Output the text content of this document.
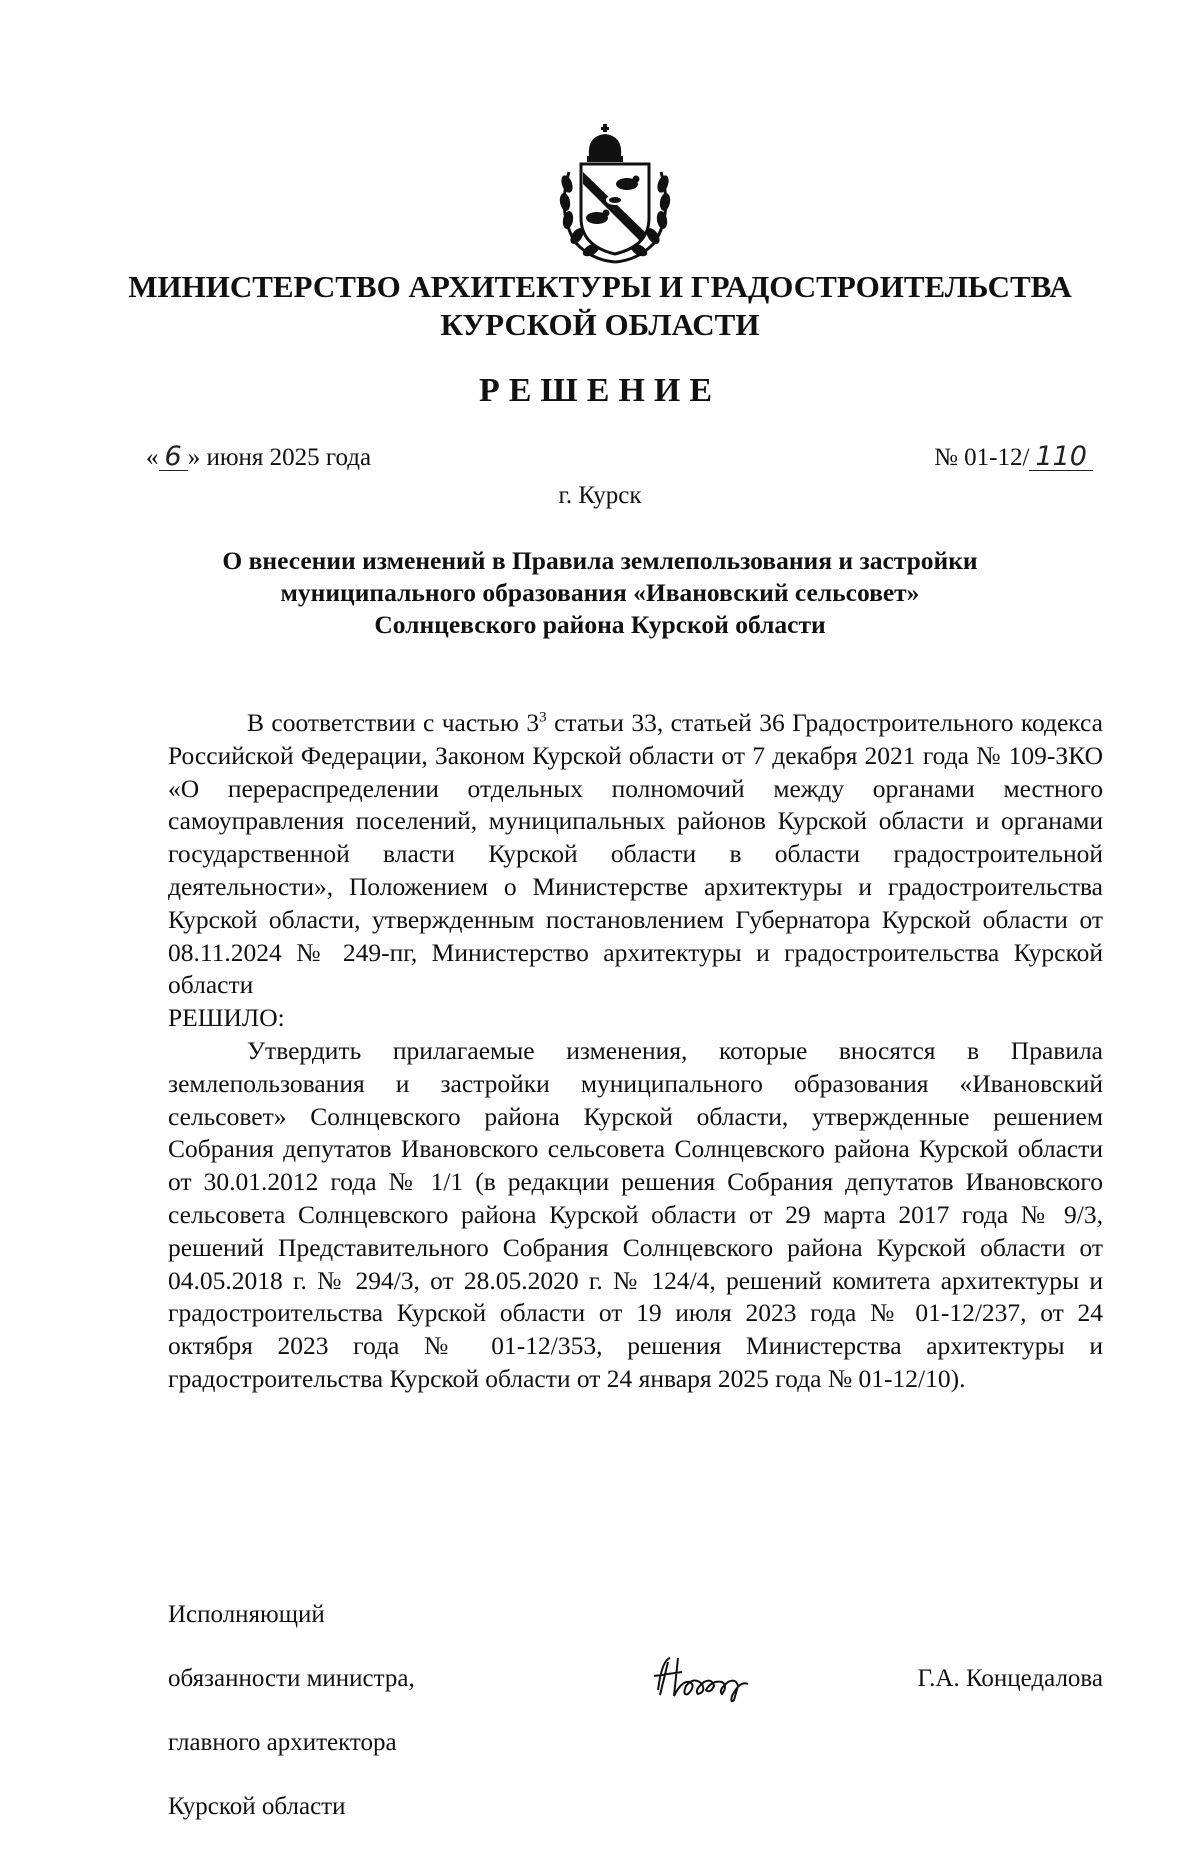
МИНИСТЕРСТВО АРХИТЕКТУРЫ И ГРАДОСТРОИТЕЛЬСТВА
КУРСКОЙ ОБЛАСТИ
РЕШЕНИЕ
« 6 » июня 2025 года	№ 01-12/ 110
г. Курск
О внесении изменений в Правила землепользования и застройки
муниципального образования «Ивановский сельсовет»
Солнцевского района Курской области

В соответствии с частью $3^3$ статьи 33, статьей 36 Градостроительного кодекса Российской Федерации, Законом Курской области от 7 декабря 2021 года № 109-ЗКО «О перераспределении отдельных полномочий между органами местного самоуправления поселений, муниципальных районов Курской области и органами государственной власти Курской области в области градостроительной деятельности», Положением о Министерстве архитектуры и градостроительства Курской области, утвержденным постановлением Губернатора Курской области от 08.11.2024 № 249-пг, Министерство архитектуры и градостроительства Курской области

РЕШИЛО:

Утвердить прилагаемые изменения, которые вносятся в Правила землепользования и застройки муниципального образования «Ивановский сельсовет» Солнцевского района Курской области, утвержденные решением Собрания депутатов Ивановского сельсовета Солнцевского района Курской области от 30.01.2012 года № 1/1 (в редакции решения Собрания депутатов Ивановского сельсовета Солнцевского района Курской области от 29 марта 2017 года № 9/3, решений Представительного Собрания Солнцевского района Курской области от 04.05.2018 г. № 294/3, от 28.05.2020 г. № 124/4, решений комитета архитектуры и градостроительства Курской области от 19 июля 2023 года № 01-12/237, от 24 октября 2023 года № 01-12/353, решения Министерства архитектуры и градостроительства Курской области от 24 января 2025 года № 01-12/10).

Исполняющий

обязанности министра,

главного архитектора

Курской области

Г.А. Концедалова
